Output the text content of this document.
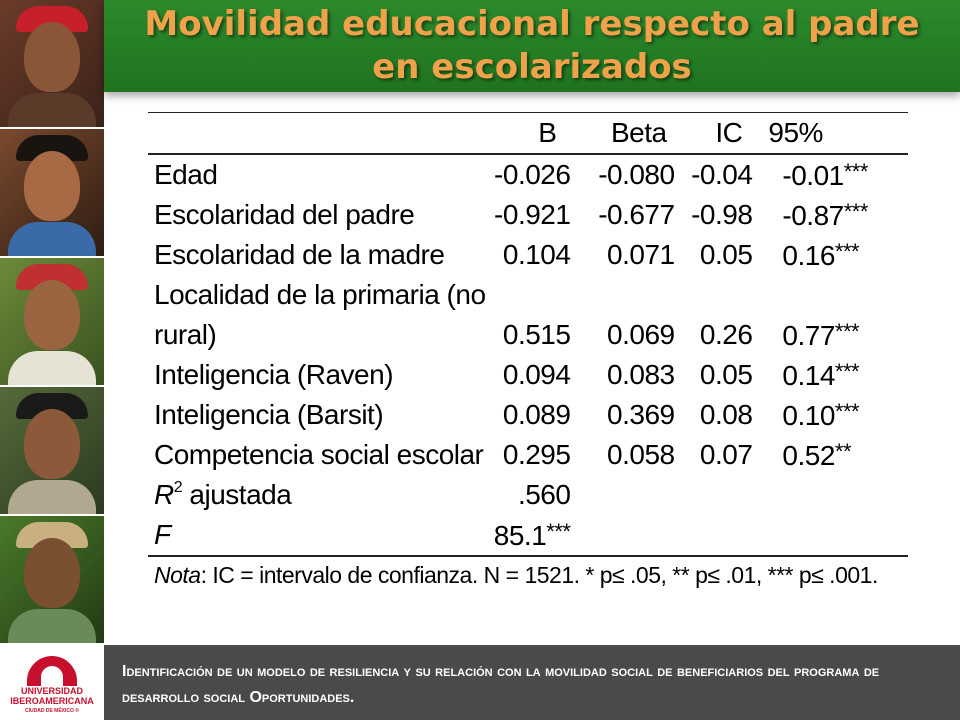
Movilidad educacional respecto al padre en escolarizados
	B	Beta	IC	95%
Edad	-0.026	-0.080	-0.04	-0.01***
Escolaridad del padre	-0.921	-0.677	-0.98	-0.87***
Escolaridad de la madre	0.104	0.071	0.05	0.16***
Localidad de la primaria (no				
rural)	0.515	0.069	0.26	0.77***
Inteligencia (Raven)	0.094	0.083	0.05	0.14***
Inteligencia (Barsit)	0.089	0.369	0.08	0.10***
Competencia social escolar	0.295	0.058	0.07	0.52**
$R^2$ ajustada	.560			
F	85.1***			
Nota: IC = intervalo de confianza. N = 1521. * p≤ .05, ** p≤ .01, *** p≤ .001.
UNIVERSIDAD
IBEROAMERICANA
CIUDAD DE MÉXICO ®
Identificación de un modelo de resiliencia y su relación con la movilidad social de beneficiarios del programa de desarrollo social Oportunidades.
